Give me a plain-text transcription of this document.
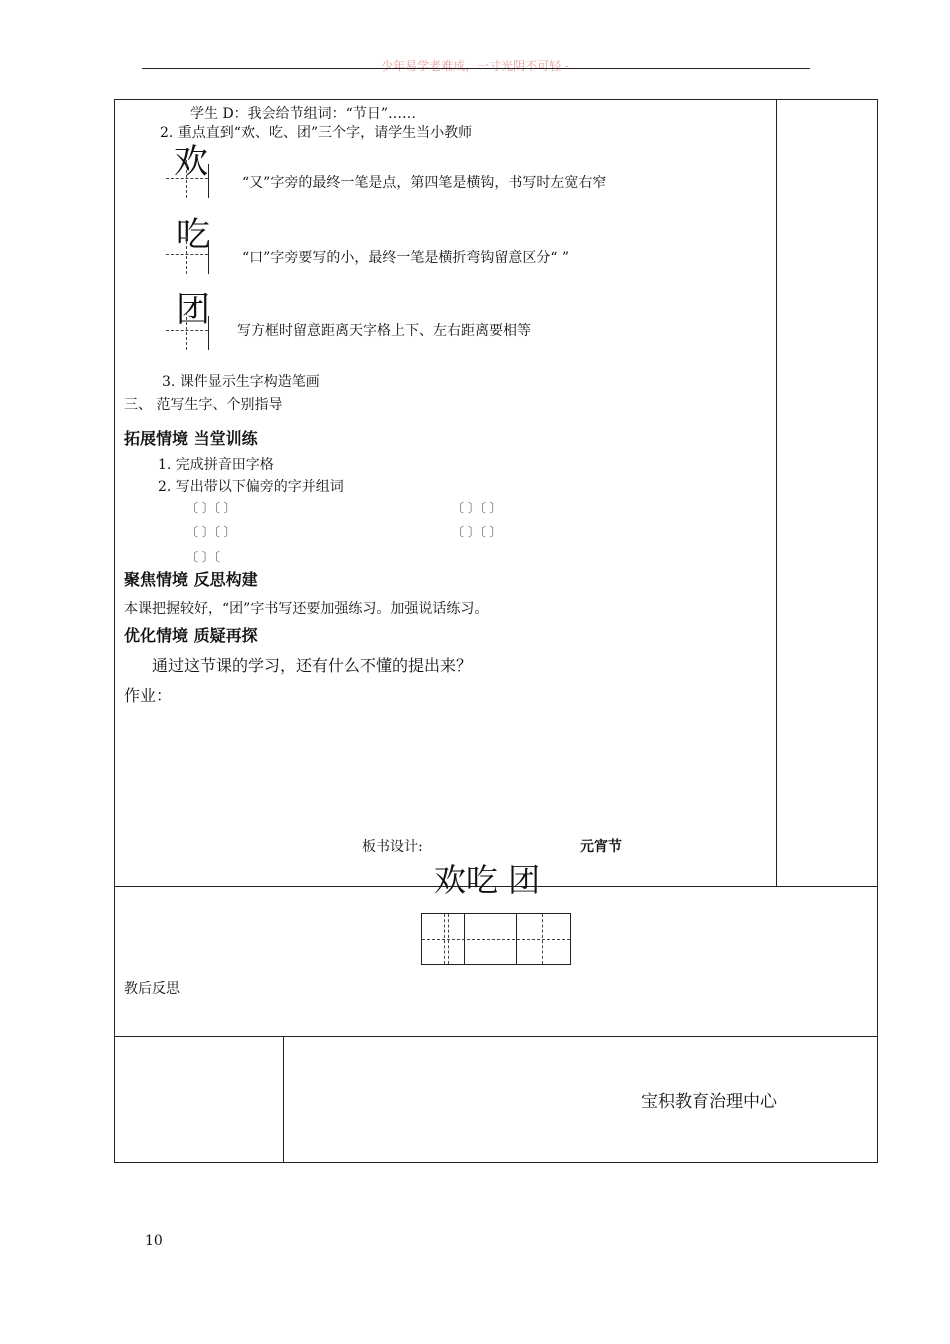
少年易学老难成，一寸光阴不可轻 -
学生 D：我会给节组词：“节日”……
2. 重点直到“欢、吃、团”三个字，请学生当小教师
欢
“又”字旁的最终一笔是点，第四笔是横钩，书写时左宽右窄
吃
“口”字旁要写的小，最终一笔是横折弯钩留意区分“ ”
团
写方框时留意距离天字格上下、左右距离要相等
3. 课件显示生字构造笔画
三、 范写生字、个别指导
拓展情境 当堂训练
1. 完成拼音田字格
2. 写出带以下偏旁的字并组词
〔 〕〔 〕	〔 〕〔 〕
〔 〕〔 〕	〔 〕〔 〕
〔 〕〔
聚焦情境 反思构建
本课把握较好，“团”字书写还要加强练习。加强说话练习。
优化情境 质疑再探
通过这节课的学习，还有什么不懂的提出来？
作业：
板书设计:	元宵节
欢吃 团
教后反思
宝积教育治理中心
10
